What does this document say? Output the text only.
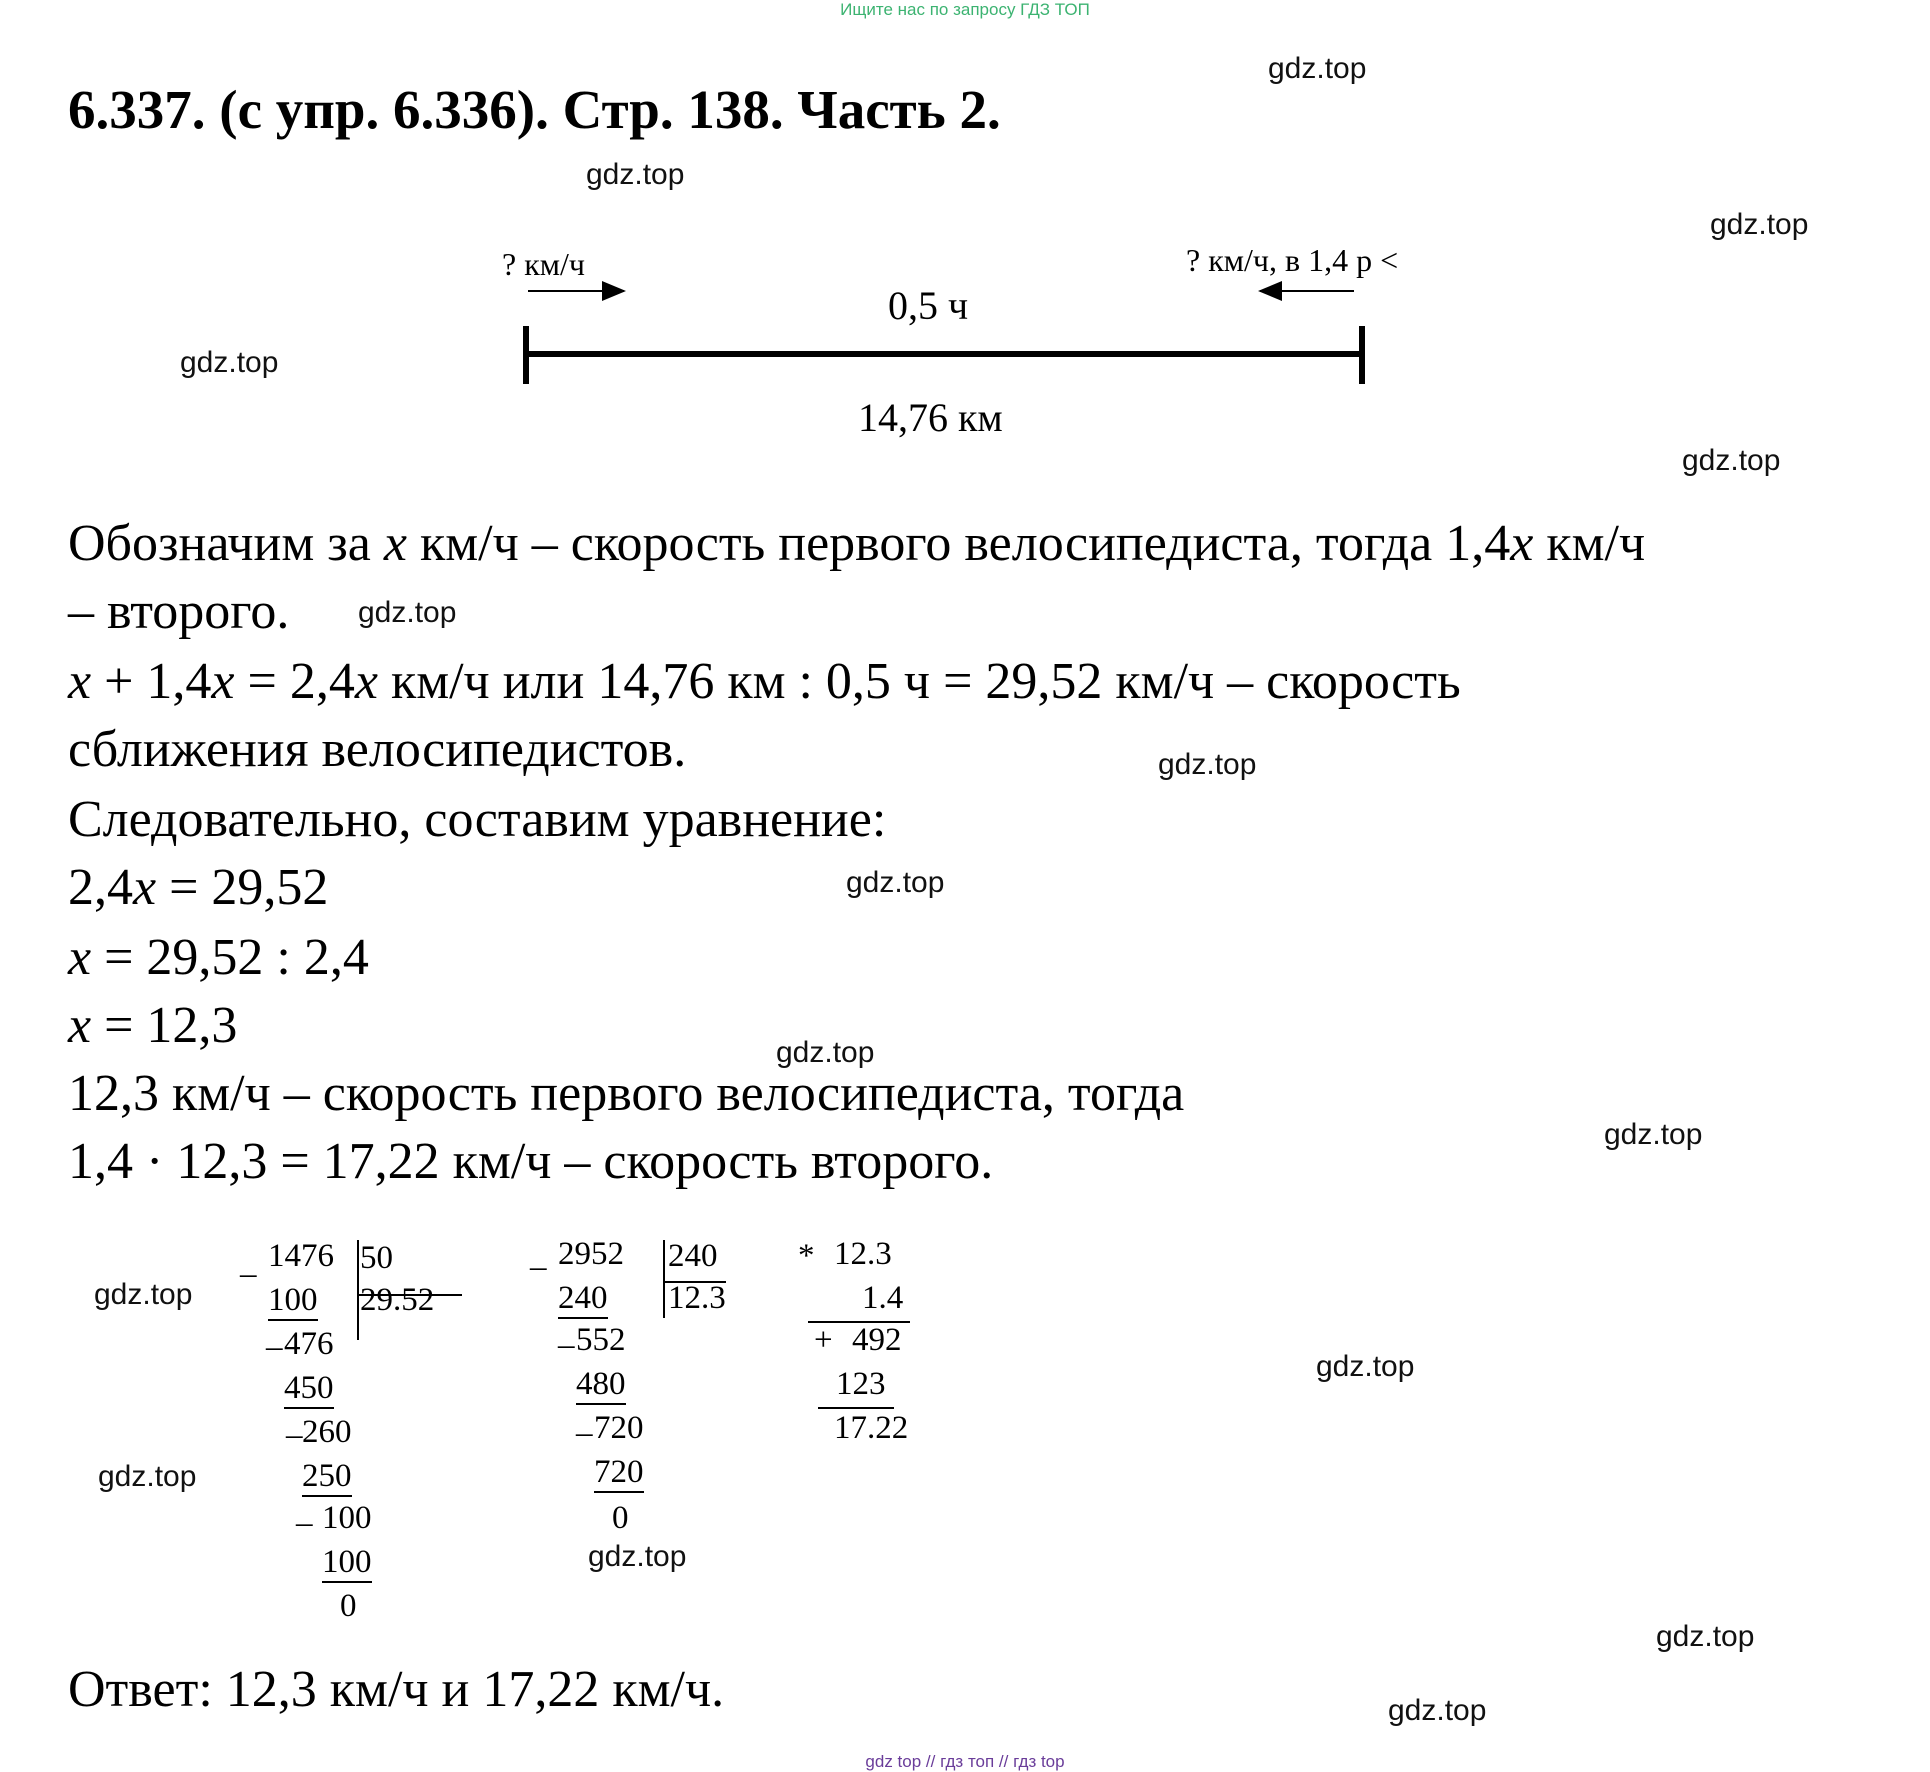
Ищите нас по запросу ГДЗ ТОП
gdz top // гдз топ // гдз top
gdz.top
gdz.top
gdz.top
gdz.top
gdz.top
gdz.top
gdz.top
gdz.top
gdz.top
gdz.top
gdz.top
gdz.top
gdz.top
gdz.top
gdz.top
gdz.top
6.337. (с упр. 6.336). Стр. 138. Часть 2.
? км/ч	? км/ч, в 1,4 р <
0,5 ч
14,76 км
Обозначим за x км/ч – скорость первого велосипедиста, тогда 1,4x км/ч
– второго.
x + 1,4x = 2,4x км/ч или 14,76 км : 0,5 ч = 29,52 км/ч – скорость
сближения велосипедистов.
Следовательно, составим уравнение:
2,4x = 29,52
x = 29,52 : 2,4
x = 12,3
12,3 км/ч – скорость первого велосипедиста, тогда
1,4 · 12,3 = 17,22 км/ч – скорость второго.
– 1476 50
100 29.52
_ 476
450
_ 260
250
_ 100
100
0
_ 2952 240
240 12.3
_ 552
480
_ 720
720
0
* 12.3
1.4
+ 492
123
17.22
Ответ: 12,3 км/ч и 17,22 км/ч.
